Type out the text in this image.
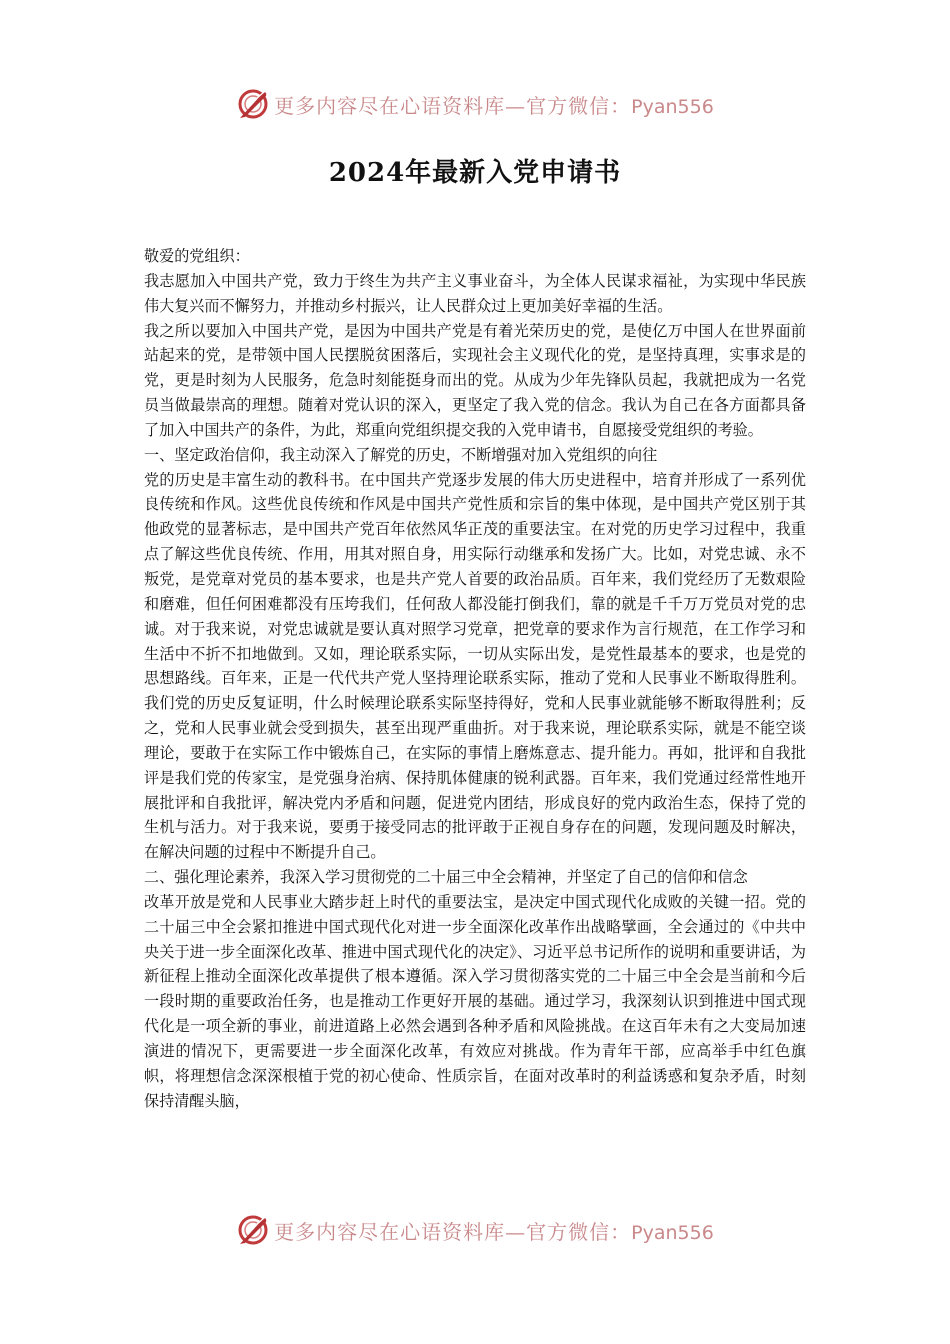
更多内容尽在心语资料库—官方微信：Pyan556
2024年最新入党申请书

敬爱的党组织：

我志愿加入中国共产党，致力于终生为共产主义事业奋斗，为全体人民谋求福祉，为实现中华民族伟大复兴而不懈努力，并推动乡村振兴，让人民群众过上更加美好幸福的生活。

我之所以要加入中国共产党，是因为中国共产党是有着光荣历史的党，是使亿万中国人在世界面前站起来的党，是带领中国人民摆脱贫困落后，实现社会主义现代化的党，是坚持真理，实事求是的党，更是时刻为人民服务，危急时刻能挺身而出的党。从成为少年先锋队员起，我就把成为一名党员当做最崇高的理想。随着对党认识的深入，更坚定了我入党的信念。我认为自己在各方面都具备了加入中国共产的条件，为此，郑重向党组织提交我的入党申请书，自愿接受党组织的考验。

一、坚定政治信仰，我主动深入了解党的历史，不断增强对加入党组织的向往

党的历史是丰富生动的教科书。在中国共产党逐步发展的伟大历史进程中，培育并形成了一系列优良传统和作风。这些优良传统和作风是中国共产党性质和宗旨的集中体现，是中国共产党区别于其他政党的显著标志，是中国共产党百年依然风华正茂的重要法宝。在对党的历史学习过程中，我重点了解这些优良传统、作用，用其对照自身，用实际行动继承和发扬广大。比如，对党忠诚、永不叛党，是党章对党员的基本要求，也是共产党人首要的政治品质。百年来，我们党经历了无数艰险和磨难，但任何困难都没有压垮我们，任何敌人都没能打倒我们，靠的就是千千万万党员对党的忠诚。对于我来说，对党忠诚就是要认真对照学习党章，把党章的要求作为言行规范，在工作学习和生活中不折不扣地做到。又如，理论联系实际，一切从实际出发，是党性最基本的要求，也是党的思想路线。百年来，正是一代代共产党人坚持理论联系实际，推动了党和人民事业不断取得胜利。我们党的历史反复证明，什么时候理论联系实际坚持得好，党和人民事业就能够不断取得胜利；反之，党和人民事业就会受到损失，甚至出现严重曲折。对于我来说，理论联系实际，就是不能空谈理论，要敢于在实际工作中锻炼自己，在实际的事情上磨炼意志、提升能力。再如，批评和自我批评是我们党的传家宝，是党强身治病、保持肌体健康的锐利武器。百年来，我们党通过经常性地开展批评和自我批评，解决党内矛盾和问题，促进党内团结，形成良好的党内政治生态，保持了党的生机与活力。对于我来说，要勇于接受同志的批评敢于正视自身存在的问题，发现问题及时解决，在解决问题的过程中不断提升自己。

二、强化理论素养，我深入学习贯彻党的二十届三中全会精神，并坚定了自己的信仰和信念

改革开放是党和人民事业大踏步赶上时代的重要法宝，是决定中国式现代化成败的关键一招。党的二十届三中全会紧扣推进中国式现代化对进一步全面深化改革作出战略擘画，全会通过的《中共中央关于进一步全面深化改革、推进中国式现代化的决定》、习近平总书记所作的说明和重要讲话，为新征程上推动全面深化改革提供了根本遵循。深入学习贯彻落实党的二十届三中全会是当前和今后一段时期的重要政治任务，也是推动工作更好开展的基础。通过学习，我深刻认识到推进中国式现代化是一项全新的事业，前进道路上必然会遇到各种矛盾和风险挑战。在这百年未有之大变局加速演进的情况下，更需要进一步全面深化改革，有效应对挑战。作为青年干部，应高举手中红色旗帜，将理想信念深深根植于党的初心使命、性质宗旨，在面对改革时的利益诱惑和复杂矛盾，时刻保持清醒头脑，

更多内容尽在心语资料库—官方微信：Pyan556
